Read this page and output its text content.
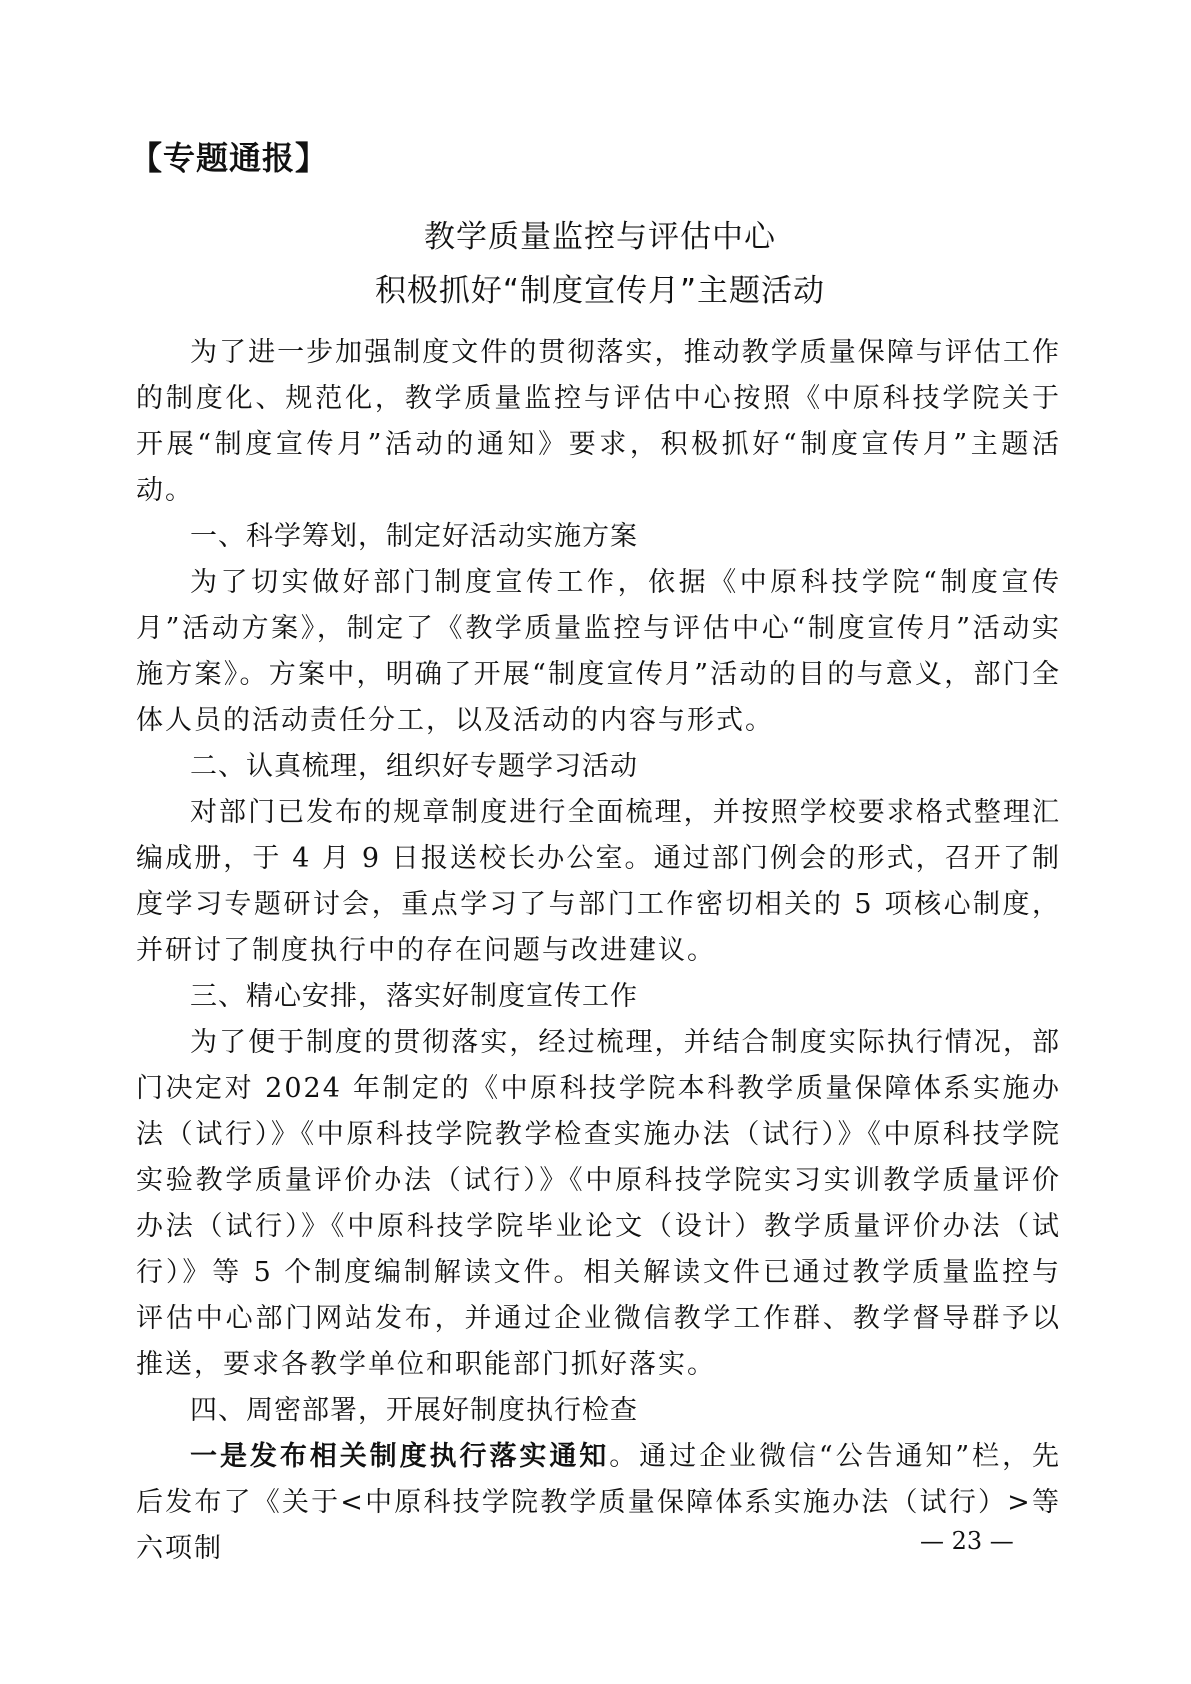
【专题通报】
教学质量监控与评估中心
积极抓好“制度宣传月”主题活动

为了进一步加强制度文件的贯彻落实，推动教学质量保障与评估工作的制度化、规范化，教学质量监控与评估中心按照《中原科技学院关于开展“制度宣传月”活动的通知》要求，积极抓好“制度宣传月”主题活动。

一、科学筹划，制定好活动实施方案

为了切实做好部门制度宣传工作，依据《中原科技学院“制度宣传月”活动方案》，制定了《教学质量监控与评估中心“制度宣传月”活动实施方案》。方案中，明确了开展“制度宣传月”活动的目的与意义，部门全体人员的活动责任分工，以及活动的内容与形式。

二、认真梳理，组织好专题学习活动

对部门已发布的规章制度进行全面梳理，并按照学校要求格式整理汇编成册，于 4 月 9 日报送校长办公室。通过部门例会的形式，召开了制度学习专题研讨会，重点学习了与部门工作密切相关的 5 项核心制度，并研讨了制度执行中的存在问题与改进建议。

三、精心安排，落实好制度宣传工作

为了便于制度的贯彻落实，经过梳理，并结合制度实际执行情况，部门决定对 2024 年制定的《中原科技学院本科教学质量保障体系实施办法（试行）》《中原科技学院教学检查实施办法（试行）》《中原科技学院实验教学质量评价办法（试行）》《中原科技学院实习实训教学质量评价办法（试行）》《中原科技学院毕业论文（设计）教学质量评价办法（试行）》等 5 个制度编制解读文件。相关解读文件已通过教学质量监控与评估中心部门网站发布，并通过企业微信教学工作群、教学督导群予以推送，要求各教学单位和职能部门抓好落实。

四、周密部署，开展好制度执行检查

一是发布相关制度执行落实通知。通过企业微信“公告通知”栏，先后发布了《关于<中原科技学院教学质量保障体系实施办法（试行）>等六项制	— 23 —
